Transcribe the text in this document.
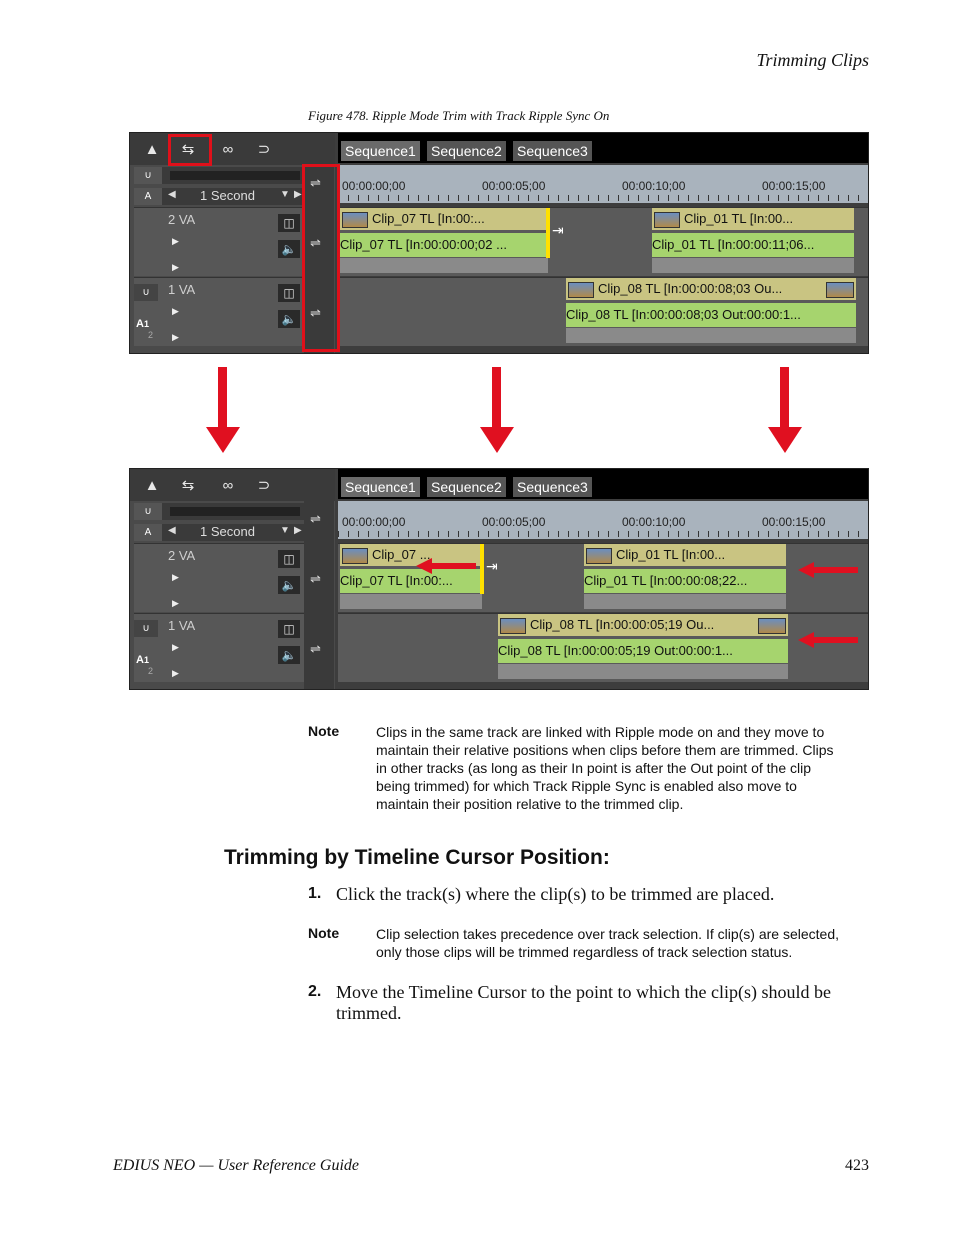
Trimming Clips
Figure 478. Ripple Mode Trim with Track Ripple Sync On
▲	⇆	∞	⊃
∪
A	◀ 1 Second	▼ ▶
2 VA	◫
🔈
▶
▶
∪	1 VA	◫
🔈
▶
▶
A1
2
⇌
⇌
⇌
Sequence1 Sequence2 Sequence3
00:00:00;00	00:00:05;00	00:00:10;00	00:00:15;00
Clip_07 TL [In:00:...
Clip_07 TL [In:00:00:00;02 ...
⇥
Clip_01 TL [In:00...
Clip_01 TL [In:00:00:11;06...
Clip_08 TL [In:00:00:08;03 Ou...
Clip_08 TL [In:00:00:08;03 Out:00:00:1...
▲	⇆	∞	⊃
∪
A	◀ 1 Second	▼ ▶
2 VA	◫
🔈
▶
▶
∪	1 VA	◫
🔈
▶
▶
A1
2
⇌
⇌
⇌
Sequence1 Sequence2 Sequence3
00:00:00;00	00:00:05;00	00:00:10;00	00:00:15;00
Clip_07 ...
Clip_07 TL [In:00:...
⇥
Clip_01 TL [In:00...
Clip_01 TL [In:00:00:08;22...
Clip_08 TL [In:00:00:05;19 Ou...
Clip_08 TL [In:00:00:05;19 Out:00:00:1...
Note	Clips in the same track are linked with Ripple mode on and they move to maintain their relative positions when clips before them are trimmed. Clips in other tracks (as long as their In point is after the Out point of the clip being trimmed) for which Track Ripple Sync is enabled also move to maintain their position relative to the trimmed clip.
Trimming by Timeline Cursor Position:
1. Click the track(s) where the clip(s) to be trimmed are placed.
Note	Clip selection takes precedence over track selection. If clip(s) are selected, only those clips will be trimmed regardless of track selection status.
2. Move the Timeline Cursor to the point to which the clip(s) should be trimmed.
EDIUS NEO — User Reference Guide	423
